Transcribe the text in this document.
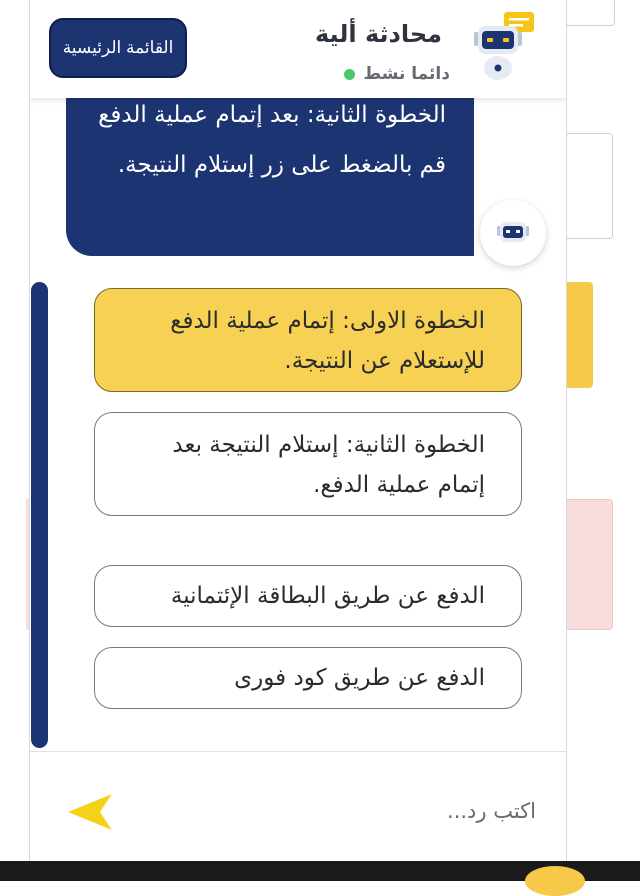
القائمة الرئيسية	محادثة ألية
دائما نشط
الخطوة الثانية: بعد إتمام عملية الدفع قم بالضغط على زر إستلام النتيجة.
الخطوة الاولى: إتمام عملية الدفع للإستعلام عن النتيجة.
الخطوة الثانية: إستلام النتيجة بعد إتمام عملية الدفع.
الدفع عن طريق البطاقة الإئتمانية
الدفع عن طريق كود فورى
اكتب رد...
